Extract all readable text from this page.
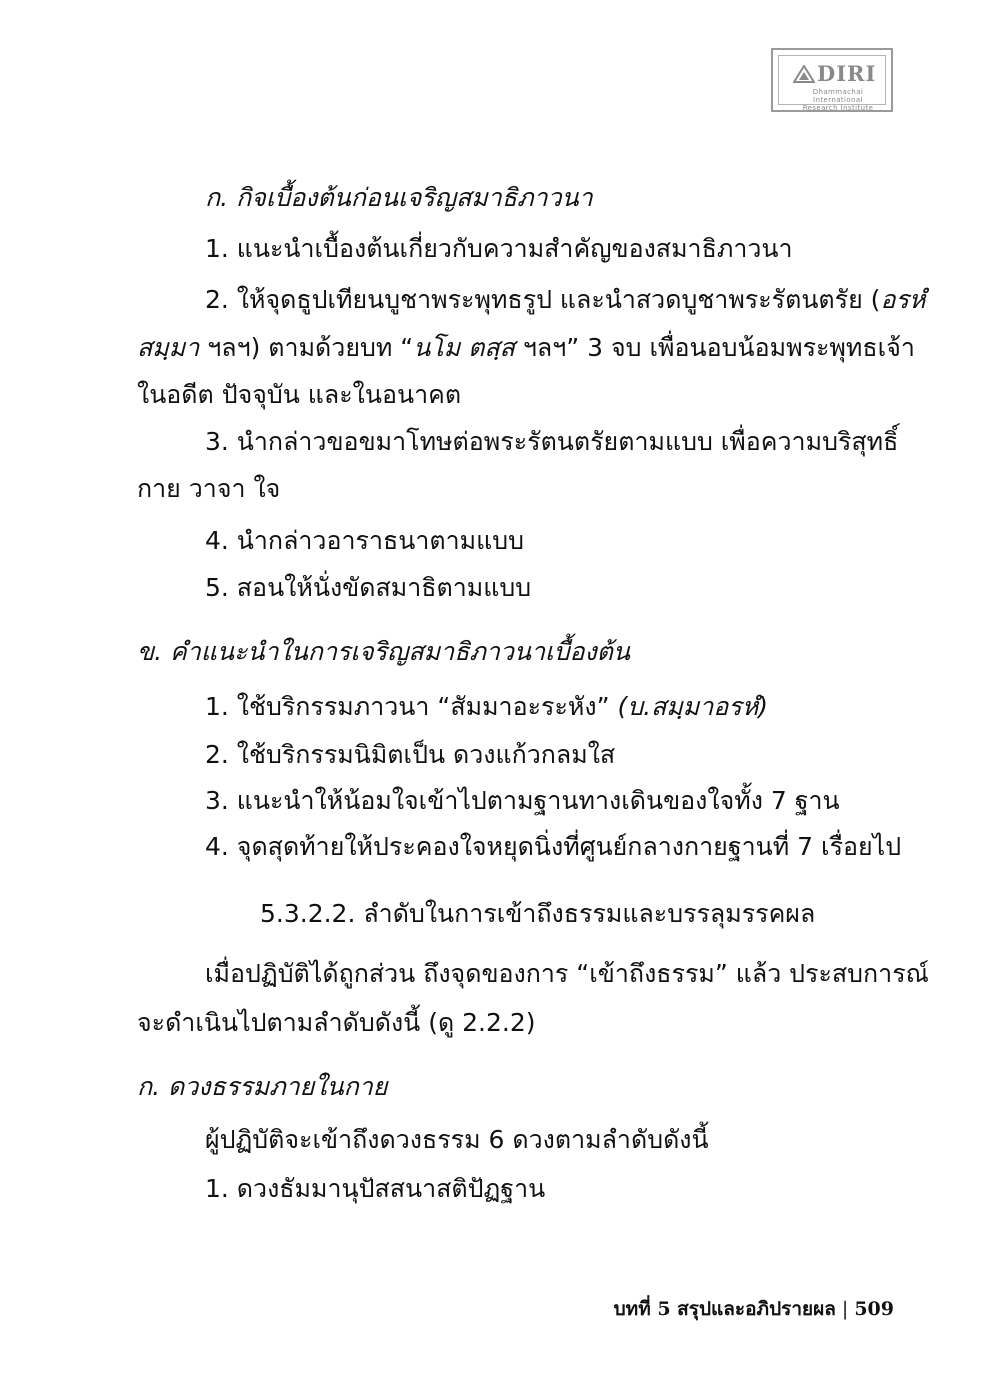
DIRI
Dhammachai International
Research Institute
ก. กิจเบื้องต้นก่อนเจริญสมาธิภาวนา
1. แนะนำเบื้องต้นเกี่ยวกับความสำคัญของสมาธิภาวนา
2. ให้จุดธูปเทียนบูชาพระพุทธรูป และนำสวดบูชาพระรัตนตรัย (อรหํ
สมฺมา ฯลฯ) ตามด้วยบท “นโม ตสฺส ฯลฯ” 3 จบ เพื่อนอบน้อมพระพุทธเจ้า
ในอดีต ปัจจุบัน และในอนาคต
3. นำกล่าวขอขมาโทษต่อพระรัตนตรัยตามแบบ เพื่อความบริสุทธิ์
กาย วาจา ใจ
4. นำกล่าวอาราธนาตามแบบ
5. สอนให้นั่งขัดสมาธิตามแบบ
ข. คำแนะนำในการเจริญสมาธิภาวนาเบื้องต้น
1. ใช้บริกรรมภาวนา “สัมมาอะระหัง” (บ.สมฺมาอรหํ)
2. ใช้บริกรรมนิมิตเป็น ดวงแก้วกลมใส
3. แนะนำให้น้อมใจเข้าไปตามฐานทางเดินของใจทั้ง 7 ฐาน
4. จุดสุดท้ายให้ประคองใจหยุดนิ่งที่ศูนย์กลางกายฐานที่ 7 เรื่อยไป
5.3.2.2. ลำดับในการเข้าถึงธรรมและบรรลุมรรคผล
เมื่อปฏิบัติได้ถูกส่วน ถึงจุดของการ “เข้าถึงธรรม” แล้ว ประสบการณ์
จะดำเนินไปตามลำดับดังนี้ (ดู 2.2.2)
ก. ดวงธรรมภายในกาย
ผู้ปฏิบัติจะเข้าถึงดวงธรรม 6 ดวงตามลำดับดังนี้
1. ดวงธัมมานุปัสสนาสติปัฏฐาน
บทที่ 5 สรุปและอภิปรายผล | 509
